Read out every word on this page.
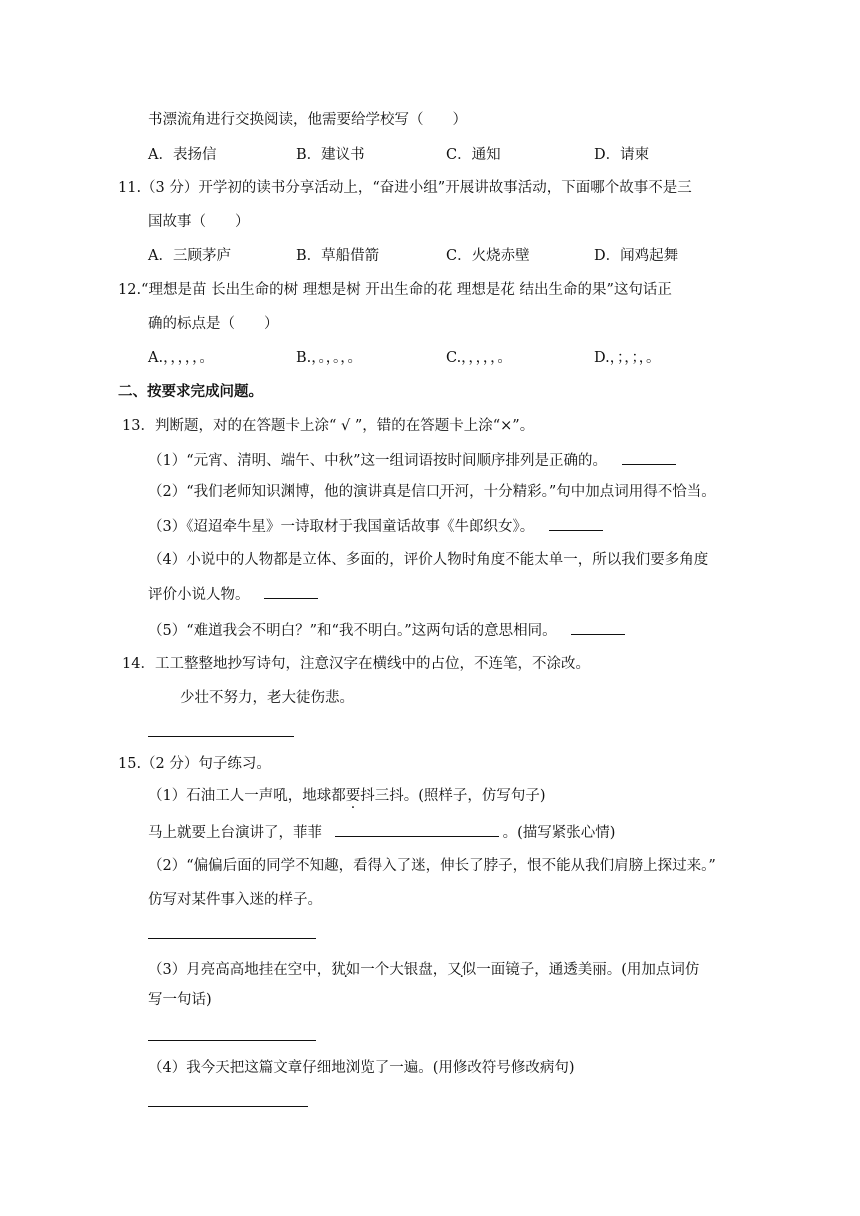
书漂流角进行交换阅读，他需要给学校写（　　）
A．表扬信	B．建议书	C．通知	D．请柬
11.（3 分）开学初的读书分享活动上，“奋进小组”开展讲故事活动，下面哪个故事不是三
国故事（　　）
A．三顾茅庐	B．草船借箭	C．火烧赤壁	D．闻鸡起舞
12.“理想是苗 长出生命的树 理想是树 开出生命的花 理想是花 结出生命的果”这句话正
确的标点是（　　）
A.，，，，，。	B.，。，。，。	C.，，，，，。	D.，；，；，。
二、按要求完成问题。
13．判断题，对的在答题卡上涂“ √ ”，错的在答题卡上涂“×”。
（1）“元宵、清明、端午、中秋”这一组词语按时间顺序排列是正确的。
（2）“我们老师知识渊博，他的演讲真是信口开河，十分精彩。”句中加点词用得不恰当。
（3）《迢迢牵牛星》一诗取材于我国童话故事《牛郎织女》。
（4）小说中的人物都是立体、多面的，评价人物时角度不能太单一，所以我们要多角度
评价小说人物。
（5）“难道我会不明白？”和“我不明白。”这两句话的意思相同。
14．工工整整地抄写诗句，注意汉字在横线中的占位，不连笔，不涂改。
少壮不努力，老大徒伤悲。
15.（2 分）句子练习。
（1）石油工人一声吼，地球都要抖三抖 .。(照样子，仿写句子)
马上就要上台演讲了，菲菲	。(描写紧张心情)
（2）“偏偏后面的同学不知趣，看得入了迷，伸长了脖子，恨不能从我们肩膀上探过来。”
仿写对某件事入迷的样子。
（3）月亮高高地挂在空中，犹如一个大银盘，又似一面镜子，通透美丽。(用加点词仿
写一句话)
（4）我今天把这篇文章仔细地浏览了一遍。(用修改符号修改病句)
